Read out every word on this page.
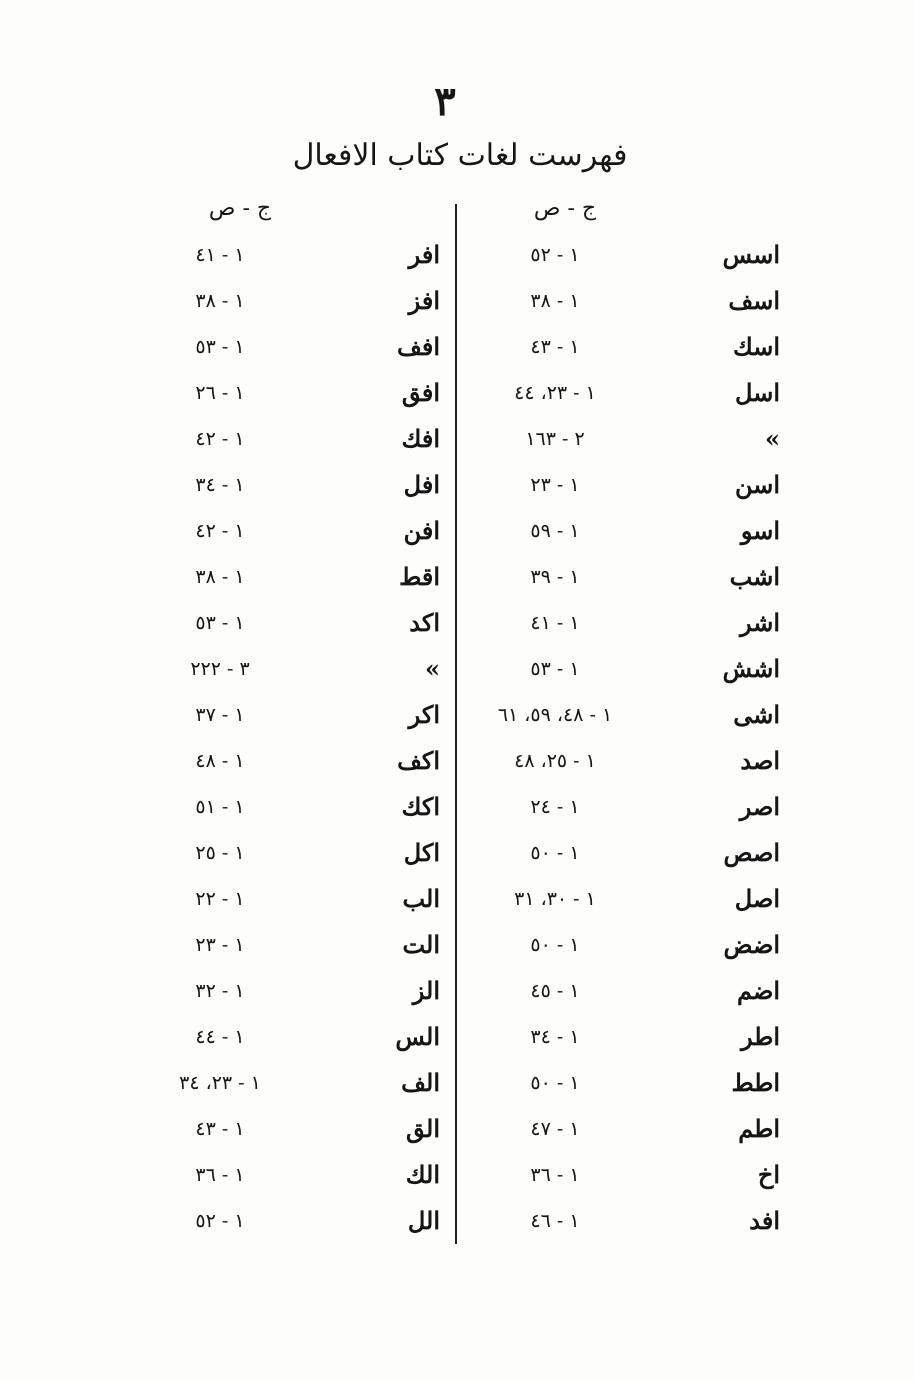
٣
فهرست لغات كتاب الافعال
ج - ص
ج - ص
اسس
١ - ٥٢
افر
١ - ٤١
اسف
١ - ٣٨
افز
١ - ٣٨
اسك
١ - ٤٣
افف
١ - ٥٣
اسل
١ - ٢٣، ٤٤
افق
١ - ٢٦
»
٢ - ١٦٣
افك
١ - ٤٢
اسن
١ - ٢٣
افل
١ - ٣٤
اسو
١ - ٥٩
افن
١ - ٤٢
اشب
١ - ٣٩
اقط
١ - ٣٨
اشر
١ - ٤١
اكد
١ - ٥٣
اشش
١ - ٥٣
»
٣ - ٢٢٢
اشى
١ - ٤٨، ٥٩، ٦١
اكر
١ - ٣٧
اصد
١ - ٢٥، ٤٨
اكف
١ - ٤٨
اصر
١ - ٢٤
اكك
١ - ٥١
اصص
١ - ٥٠
اكل
١ - ٢٥
اصل
١ - ٣٠، ٣١
الب
١ - ٢٢
اضض
١ - ٥٠
الت
١ - ٢٣
اضم
١ - ٤٥
الز
١ - ٣٢
اطر
١ - ٣٤
الس
١ - ٤٤
اطط
١ - ٥٠
الف
١ - ٢٣، ٣٤
اطم
١ - ٤٧
الق
١ - ٤٣
اخ
١ - ٣٦
الك
١ - ٣٦
افد
١ - ٤٦
الل
١ - ٥٢
